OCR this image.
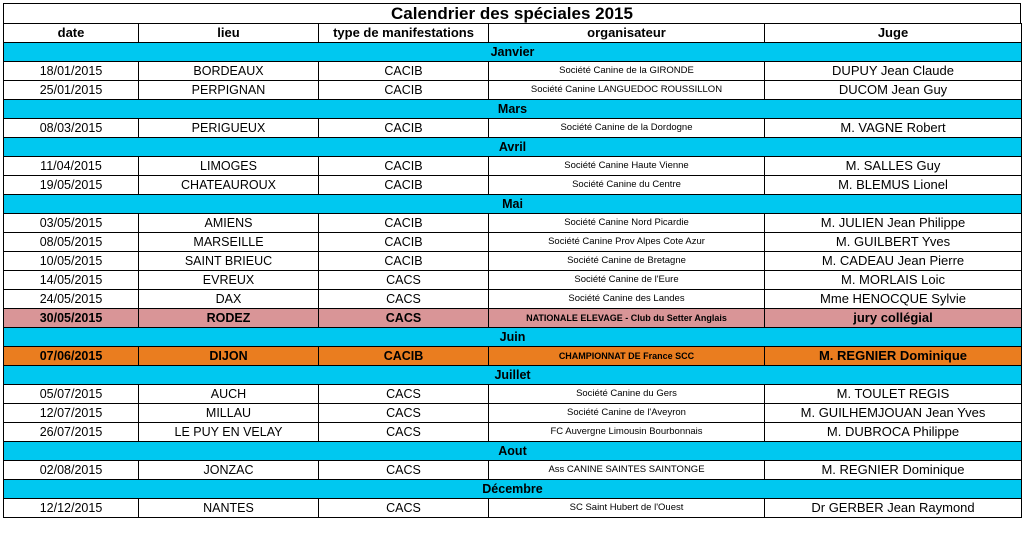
Calendrier des spéciales 2015
date	lieu	type de manifestations	organisateur	Juge
Janvier				
18/01/2015	BORDEAUX	CACIB	Société Canine de la GIRONDE	DUPUY Jean Claude
25/01/2015	PERPIGNAN	CACIB	Société Canine LANGUEDOC ROUSSILLON	DUCOM Jean Guy
Mars				
08/03/2015	PERIGUEUX	CACIB	Société Canine de la Dordogne	M. VAGNE Robert
Avril				
11/04/2015	LIMOGES	CACIB	Société Canine Haute Vienne	M. SALLES Guy
19/05/2015	CHATEAUROUX	CACIB	Société Canine du Centre	M. BLEMUS Lionel
Mai				
03/05/2015	AMIENS	CACIB	Société Canine Nord Picardie	M. JULIEN Jean Philippe
08/05/2015	MARSEILLE	CACIB	Société Canine Prov Alpes Cote Azur	M. GUILBERT Yves
10/05/2015	SAINT BRIEUC	CACIB	Société Canine de Bretagne	M. CADEAU Jean Pierre
14/05/2015	EVREUX	CACS	Société Canine de l'Eure	M. MORLAIS Loic
24/05/2015	DAX	CACS	Société Canine des Landes	Mme HENOCQUE Sylvie
30/05/2015	RODEZ	CACS	NATIONALE ELEVAGE - Club du Setter Anglais	jury collégial
Juin				
07/06/2015	DIJON	CACIB	CHAMPIONNAT DE France SCC	M. REGNIER Dominique
Juillet				
05/07/2015	AUCH	CACS	Société Canine du Gers	M. TOULET REGIS
12/07/2015	MILLAU	CACS	Société Canine de l'Aveyron	M. GUILHEMJOUAN Jean Yves
26/07/2015	LE PUY EN VELAY	CACS	FC Auvergne Limousin Bourbonnais	M. DUBROCA Philippe
Aout				
02/08/2015	JONZAC	CACS	Ass CANINE SAINTES SAINTONGE	M. REGNIER Dominique
Décembre				
12/12/2015	NANTES	CACS	SC Saint Hubert de l'Ouest	Dr GERBER Jean Raymond
